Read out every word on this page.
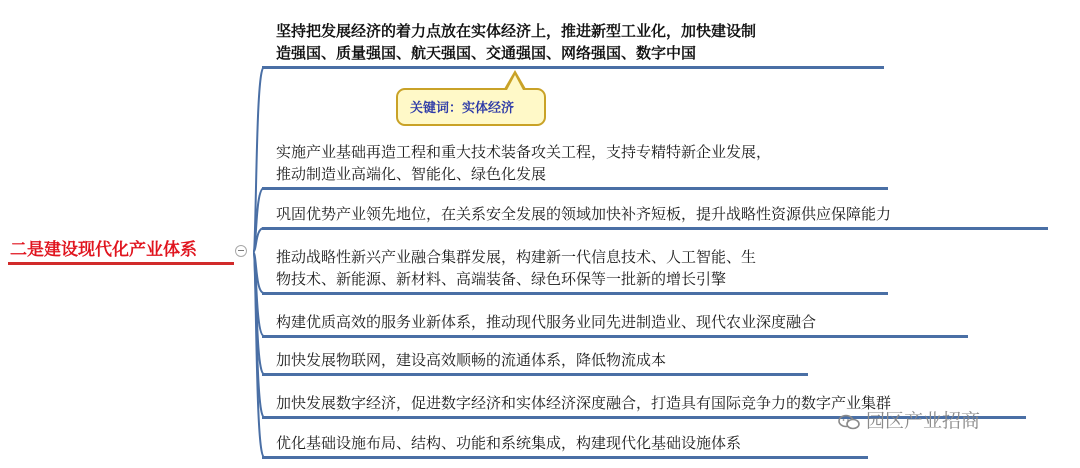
二是建设现代化产业体系
坚持把发展经济的着力点放在实体经济上，推进新型工业化，加快建设制
造强国、质量强国、航天强国、交通强国、网络强国、数字中国
实施产业基础再造工程和重大技术装备攻关工程，支持专精特新企业发展，
推动制造业高端化、智能化、绿色化发展
巩固优势产业领先地位，在关系安全发展的领域加快补齐短板，提升战略性资源供应保障能力
推动战略性新兴产业融合集群发展，构建新一代信息技术、人工智能、生
物技术、新能源、新材料、高端装备、绿色环保等一批新的增长引擎
构建优质高效的服务业新体系，推动现代服务业同先进制造业、现代农业深度融合
加快发展物联网，建设高效顺畅的流通体系，降低物流成本
加快发展数字经济，促进数字经济和实体经济深度融合，打造具有国际竞争力的数字产业集群
优化基础设施布局、结构、功能和系统集成，构建现代化基础设施体系
关键词：实体经济
园区产业招商
